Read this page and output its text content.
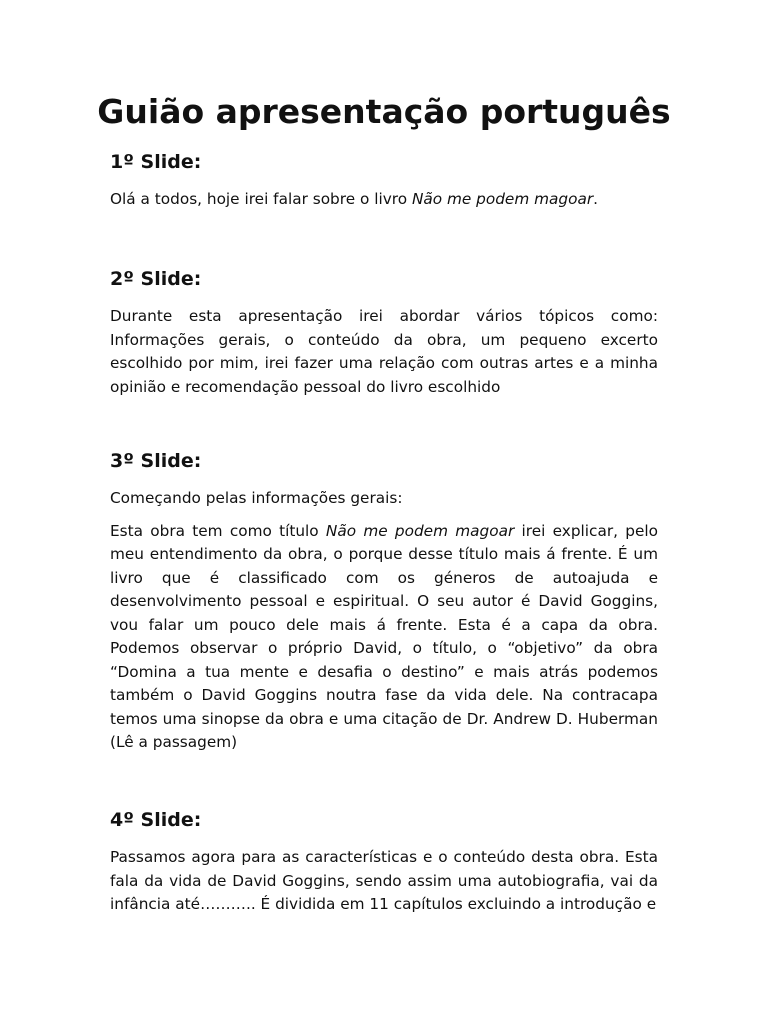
Guião apresentação português
1º Slide:

Olá a todos, hoje irei falar sobre o livro Não me podem magoar.

2º Slide:

Durante esta apresentação irei abordar vários tópicos como: Informações gerais, o conteúdo da obra, um pequeno excerto escolhido por mim, irei fazer uma relação com outras artes e a minha opinião e recomendação pessoal do livro escolhido

3º Slide:

Começando pelas informações gerais:

Esta obra tem como título Não me podem magoar irei explicar, pelo meu entendimento da obra, o porque desse título mais á frente. É um livro que é classificado com os géneros de autoajuda e desenvolvimento pessoal e espiritual. O seu autor é David Goggins, vou falar um pouco dele mais á frente. Esta é a capa da obra. Podemos observar o próprio David, o título, o “objetivo” da obra “Domina a tua mente e desafia o destino” e mais atrás podemos também o David Goggins noutra fase da vida dele. Na contracapa temos uma sinopse da obra e uma citação de Dr. Andrew D. Huberman (Lê a passagem)

4º Slide:

Passamos agora para as características e o conteúdo desta obra. Esta fala da vida de David Goggins, sendo assim uma autobiografia, vai da infância até……….. É dividida em 11 capítulos excluindo a introdução e
